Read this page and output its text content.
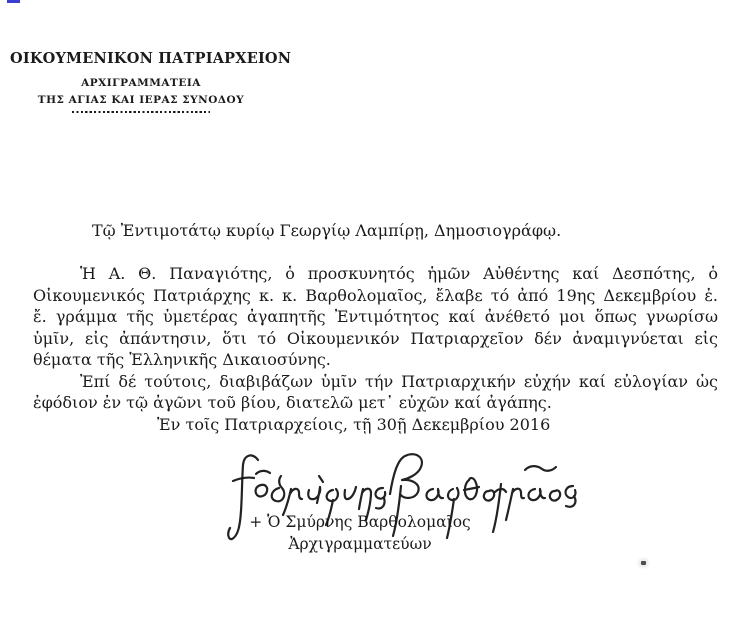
ΟΙΚΟΥΜΕΝΙΚΟΝ ΠΑΤΡΙΑΡΧΕΙΟΝ
ΑΡΧΙΓΡΑΜΜΑΤΕΙΑ
ΤΗΣ ΑΓΙΑΣ ΚΑΙ ΙΕΡΑΣ ΣΥΝΟΔΟΥ
Τῷ Ἐντιμοτάτῳ κυρίῳ Γεωργίῳ Λαμπίρῃ, Δημοσιογράφῳ.
Ἡ Α. Θ. Παναγιότης, ὁ προσκυνητός ἡμῶν Αὐθέντης καί Δεσπότης, ὁ
Οἰκουμενικός Πατριάρχης κ. κ. Βαρθολομαῖος, ἔλαβε τό ἀπό 19ης Δεκεμβρίου ἐ.
ἔ. γράμμα τῆς ὑμετέρας ἀγαπητῆς Ἐντιμότητος καί ἀνέθετό μοι ὅπως γνωρίσω
ὑμῖν, εἰς ἀπάντησιν, ὅτι τό Οἰκουμενικόν Πατριαρχεῖον δέν ἀναμιγνύεται εἰς
θέματα τῆς Ἑλληνικῆς Δικαιοσύνης.
Ἐπί δέ τούτοις, διαβιβάζων ὑμῖν τήν Πατριαρχικήν εὐχήν καί εὐλογίαν ὡς
ἐφόδιον ἐν τῷ ἀγῶνι τοῦ βίου, διατελῶ μετ᾽ εὐχῶν καί ἀγάπης.
Ἐν τοῖς Πατριαρχείοις, τῇ 30ῇ Δεκεμβρίου 2016
+ Ὁ Σμύρνης Βαρθολομαῖος
Ἀρχιγραμματεύων
